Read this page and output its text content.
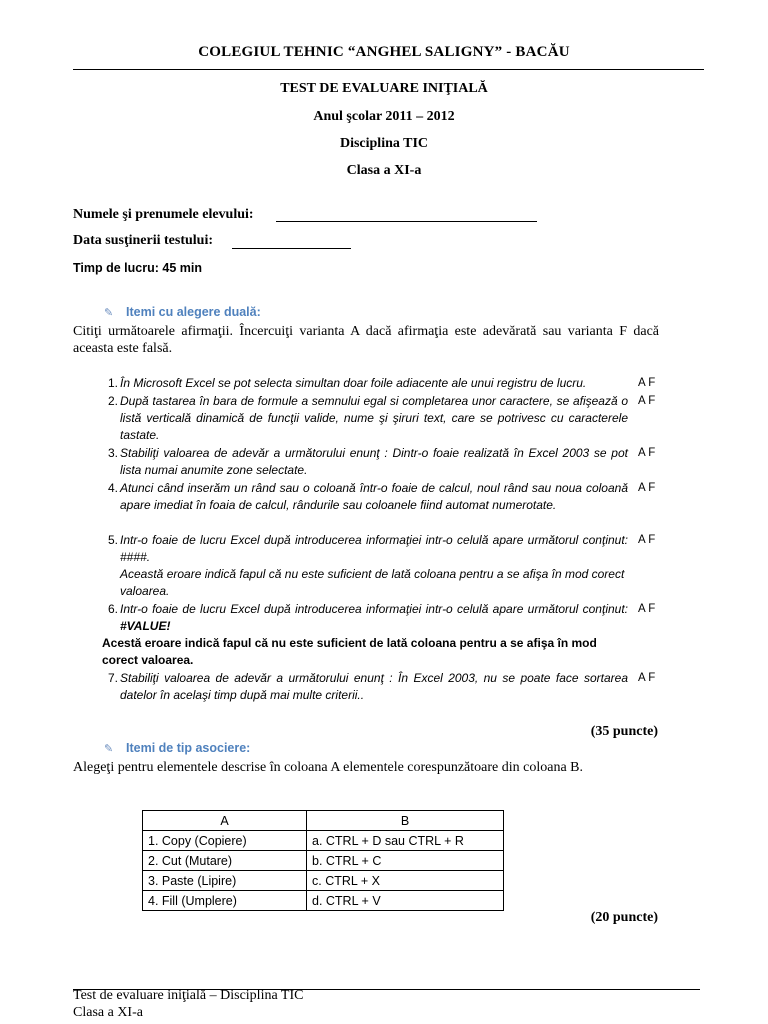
COLEGIUL TEHNIC “ANGHEL SALIGNY” - BACĂU
TEST DE EVALUARE INIŢIALĂ
Anul şcolar 2011 – 2012
Disciplina TIC
Clasa a XI-a
Numele şi prenumele elevului:
Data susţinerii testului:
Timp de lucru: 45 min
✎ Itemi cu alegere duală:
Citiţi următoarele afirmaţii. Încercuiţi varianta A dacă afirmaţia este adevărată sau varianta F dacă aceasta este falsă.
1. În Microsoft Excel se pot selecta simultan doar foile adiacente ale unui registru de lucru.	A F
2. După tastarea în bara de formule a semnului egal si completarea unor caractere, se afişează o listă verticală dinamică de funcţii valide, nume şi şiruri text, care se potrivesc cu caracterele tastate.
A F
3. Stabiliţi valoarea de adevăr a următorului enunţ : Dintr-o foaie realizată în Excel 2003 se pot lista numai anumite zone selectate.
A F
4. Atunci când inserăm un rând sau o coloană într-o foaie de calcul, noul rând sau noua coloană apare imediat în foaia de calcul, rândurile sau coloanele fiind automat numerotate.
A F
5. Intr-o foaie de lucru Excel după introducerea informaţiei intr-o celulă apare următorul conţinut: ####.
Această eroare indică fapul că nu este suficient de lată coloana pentru a se afişa în mod corect valoarea.
A F
6. Intr-o foaie de lucru Excel după introducerea informaţiei intr-o celulă apare următorul conţinut: #VALUE!
Acestă eroare indică fapul că nu este suficient de lată coloana pentru a se afişa în mod corect valoarea.
A F
7. Stabiliţi valoarea de adevăr a următorului enunţ : În Excel 2003, nu se poate face sortarea datelor în acelaşi timp după mai multe criterii..
A F
(35 puncte)
✎ Itemi de tip asociere:
Alegeţi pentru elementele descrise în coloana A elementele corespunzătoare din coloana B.
A	B
1. Copy (Copiere)	a. CTRL + D sau CTRL + R
2. Cut (Mutare)	b. CTRL + C
3. Paste (Lipire)	c. CTRL + X
4. Fill (Umplere)	d. CTRL + V
(20 puncte)
Test de evaluare iniţială – Disciplina TIC
Clasa a XI-a
